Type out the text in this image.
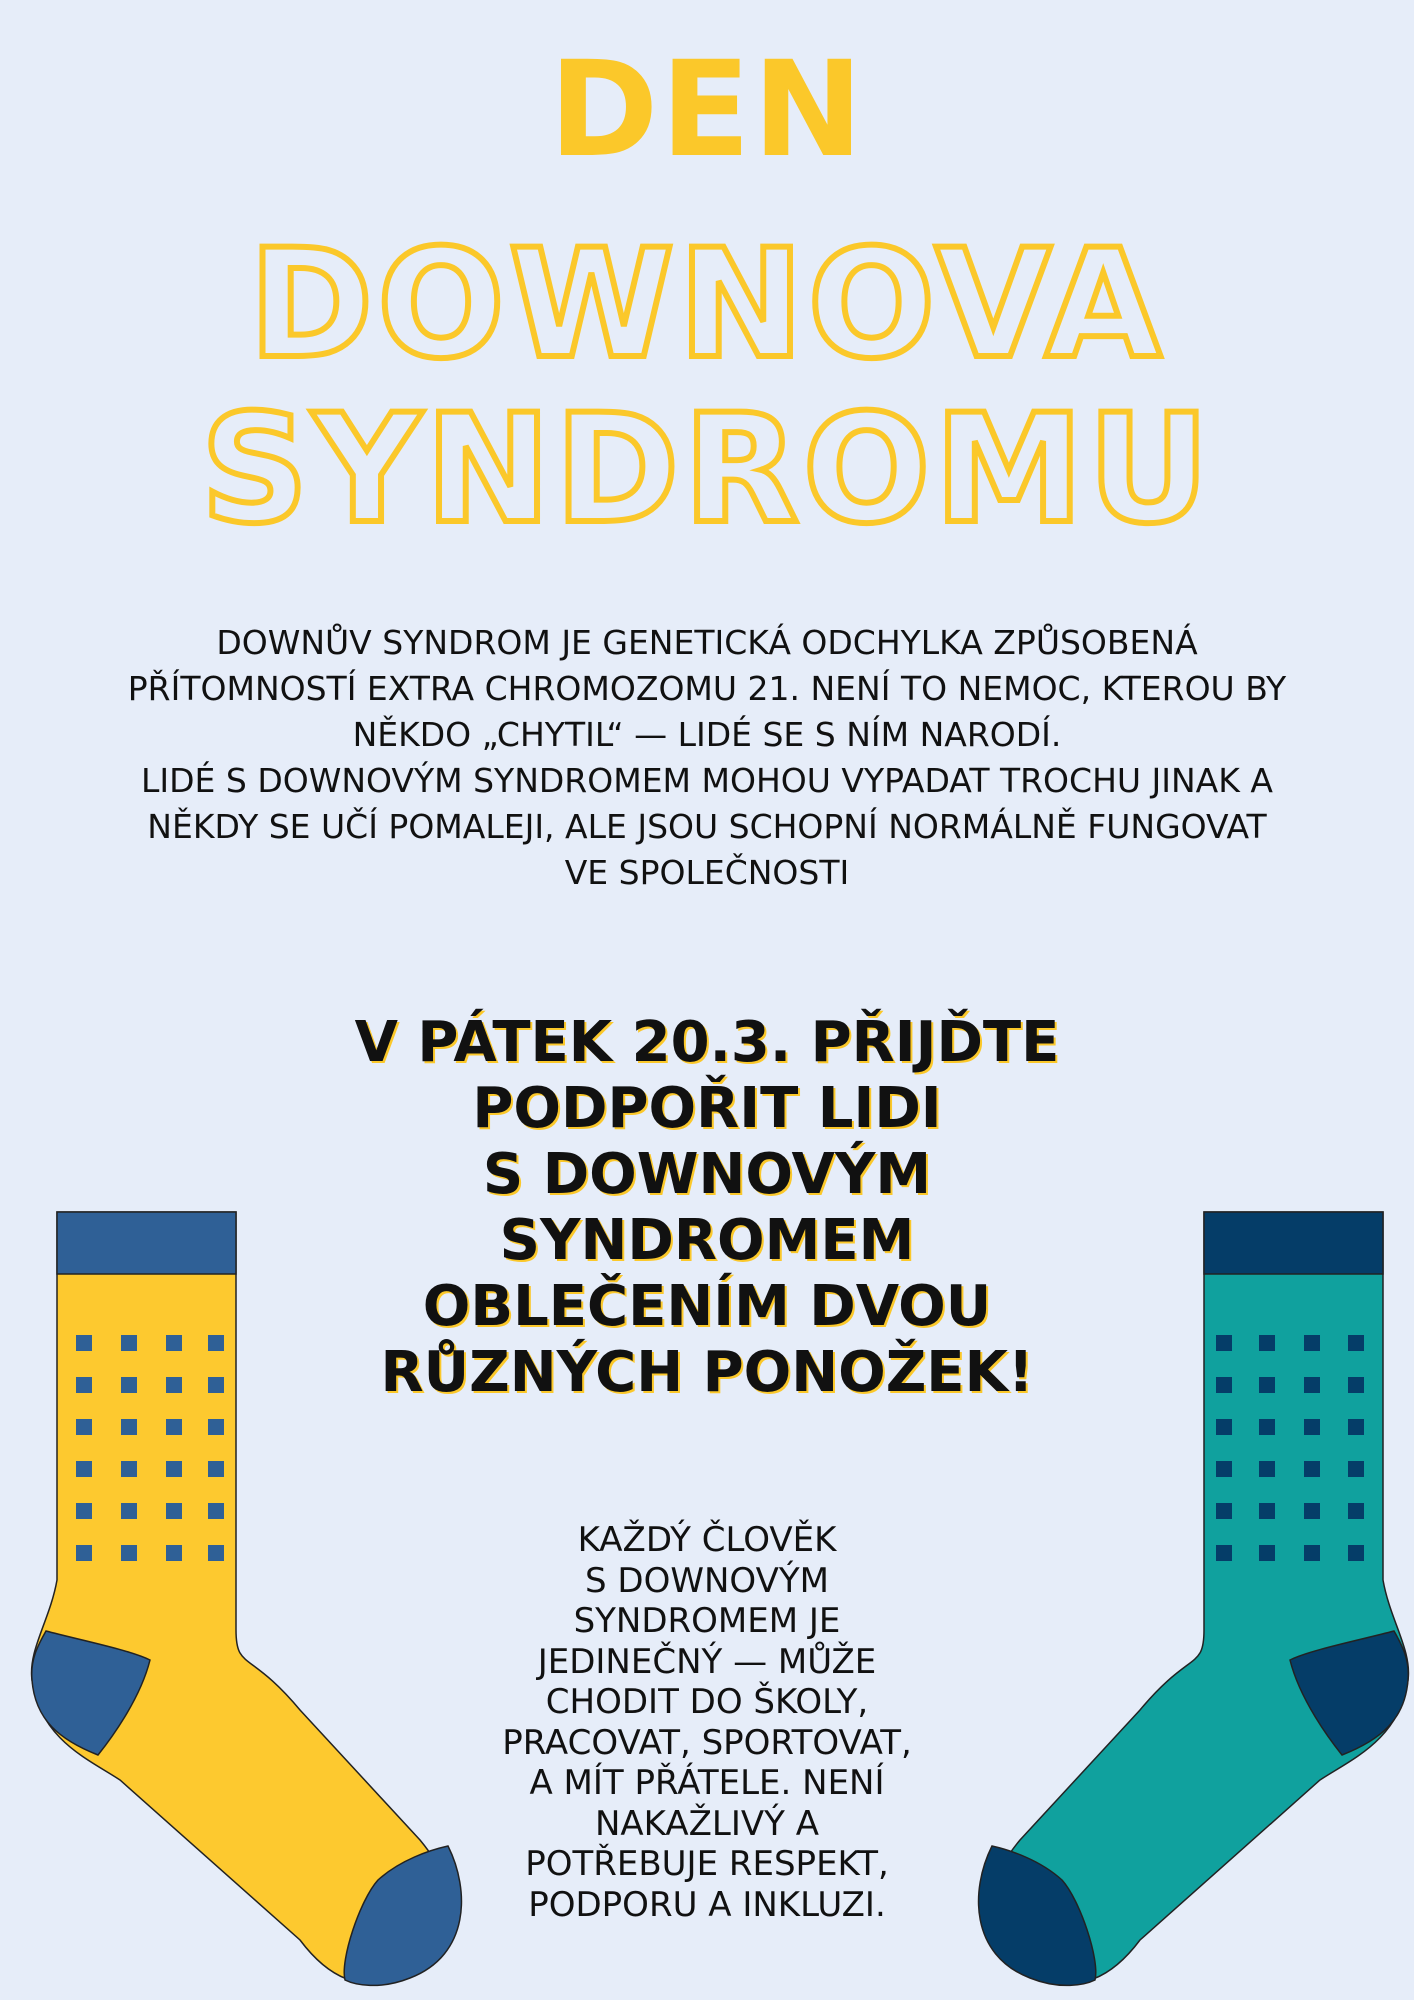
DEN
DOWNOVA
SYNDROMU

DOWNŮV SYNDROM JE GENETICKÁ ODCHYLKA ZPŮSOBENÁ

PŘÍTOMNOSTÍ EXTRA CHROMOZOMU 21. NENÍ TO NEMOC, KTEROU BY

NĚKDO „CHYTIL“ — LIDÉ SE S NÍM NARODÍ.

LIDÉ S DOWNOVÝM SYNDROMEM MOHOU VYPADAT TROCHU JINAK A

NĚKDY SE UČÍ POMALEJI, ALE JSOU SCHOPNÍ NORMÁLNĚ FUNGOVAT

VE SPOLEČNOSTI

V PÁTEK 20.3. PŘIJĎTE

PODPOŘIT LIDI

S DOWNOVÝM

SYNDROMEM

OBLEČENÍM DVOU

RŮZNÝCH PONOŽEK!

KAŽDÝ ČLOVĚK

S DOWNOVÝM

SYNDROMEM JE

JEDINEČNÝ — MŮŽE

CHODIT DO ŠKOLY,

PRACOVAT, SPORTOVAT,

A MÍT PŘÁTELE. NENÍ

NAKAŽLIVÝ A

POTŘEBUJE RESPEKT,

PODPORU A INKLUZI.
